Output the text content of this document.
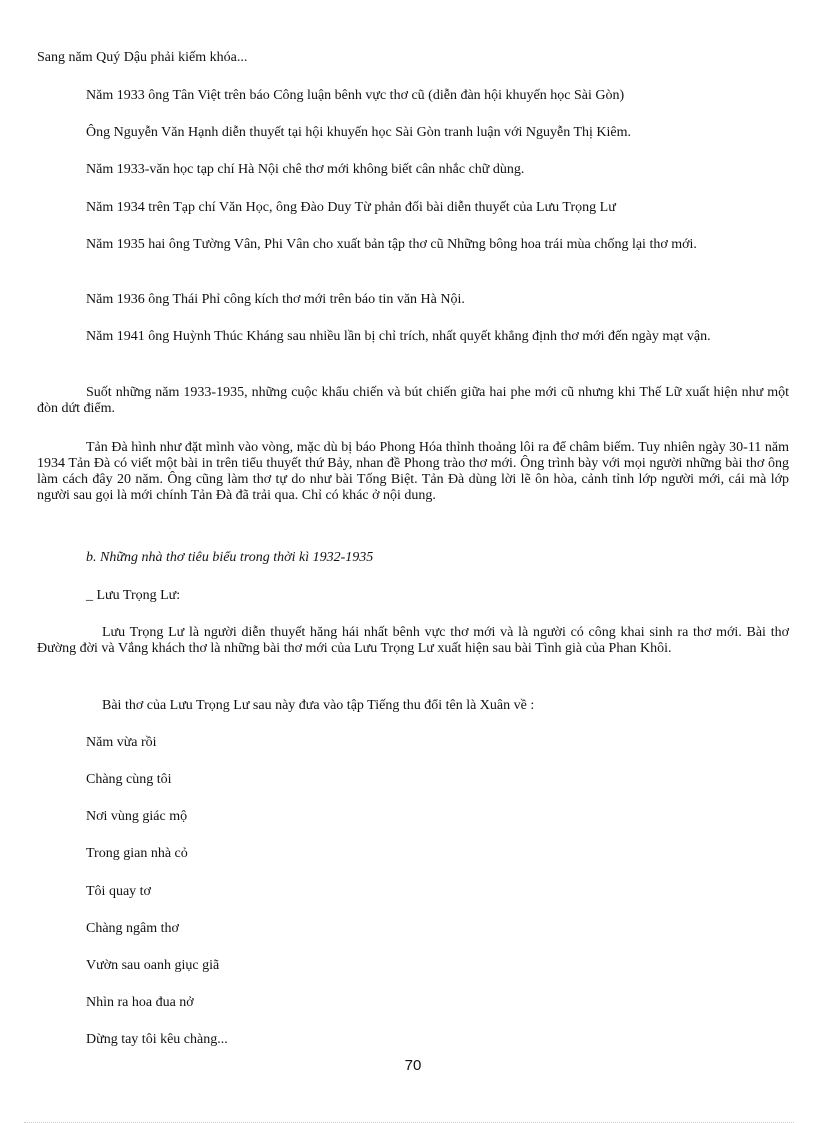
Sang năm Quý Dậu phải kiếm khóa...

Năm 1933 ông Tân Việt trên báo Công luận bênh vực thơ cũ (diễn đàn hội khuyến học Sài Gòn)

Ông Nguyễn Văn Hạnh diễn thuyết tại hội khuyến học Sài Gòn tranh luận với Nguyễn Thị Kiêm.

Năm 1933-văn học tạp chí Hà Nội chê thơ mới không biết cân nhắc chữ dùng.

Năm 1934 trên Tạp chí Văn Học, ông Đào Duy Từ phản đối bài diễn thuyết của Lưu Trọng Lư

Năm 1935 hai ông Tường Vân, Phi Vân cho xuất bản tập thơ cũ Những bông hoa trái mùa chống lại thơ mới.

Năm 1936 ông Thái Phỉ công kích thơ mới trên báo tin văn Hà Nội.

Năm 1941 ông Huỳnh Thúc Kháng sau nhiều lần bị chỉ trích, nhất quyết khẳng định thơ mới đến ngày mạt vận.

Suốt những năm 1933-1935, những cuộc khẩu chiến và bút chiến giữa hai phe mới cũ nhưng khi Thế Lữ xuất hiện như một đòn dứt điểm.

Tản Đà hình như đặt mình vào vòng, mặc dù bị báo Phong Hóa thỉnh thoảng lôi ra để châm biếm. Tuy nhiên ngày 30-11 năm 1934 Tản Đà có viết một bài in trên tiểu thuyết thứ Bảy, nhan đề Phong trào thơ mới. Ông trình bày với mọi người những bài thơ ông làm cách đây 20 năm. Ông cũng làm thơ tự do như bài Tống Biệt. Tản Đà dùng lời lẽ ôn hòa, cảnh tỉnh lớp người mới, cái mà lớp người sau gọi là mới chính Tản Đà đã trải qua. Chỉ có khác ở nội dung.

b. Những nhà thơ tiêu biểu trong thời kì 1932-1935

_ Lưu Trọng Lư:

Lưu Trọng Lư là người diễn thuyết hăng hái nhất bênh vực thơ mới và là người có công khai sinh ra thơ mới. Bài thơ Đường đời và Vắng khách thơ là những bài thơ mới của Lưu Trọng Lư xuất hiện sau bài Tình già của Phan Khôi.

Bài thơ của Lưu Trọng Lư sau này đưa vào tập Tiếng thu đổi tên là Xuân về :

Năm vừa rồi

Chàng cùng tôi

Nơi vùng giác mộ

Trong gian nhà cỏ

Tôi quay tơ

Chàng ngâm thơ

Vườn sau oanh giục giã

Nhìn ra hoa đua nở

Dừng tay tôi kêu chàng...

70
